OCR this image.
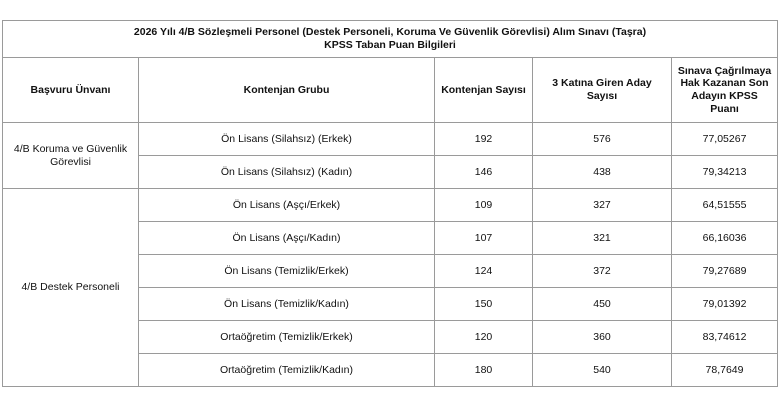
2026 Yılı 4/B Sözleşmeli Personel (Destek Personeli, Koruma Ve Güvenlik Görevlisi) Alım Sınavı (Taşra)
KPSS Taban Puan Bilgileri				

Başvuru Ünvanı	Kontenjan Grubu	Kontenjan Sayısı	3 Katına Giren Aday Sayısı	Sınava Çağrılmaya Hak Kazanan Son Adayın KPSS Puanı
4/B Koruma ve Güvenlik Görevlisi	Ön Lisans (Silahsız) (Erkek)	192	576	77,05267
	Ön Lisans (Silahsız) (Kadın)	146	438	79,34213
4/B Destek Personeli	Ön Lisans (Aşçı/Erkek)	109	327	64,51555
	Ön Lisans (Aşçı/Kadın)	107	321	66,16036
	Ön Lisans (Temizlik/Erkek)	124	372	79,27689
	Ön Lisans (Temizlik/Kadın)	150	450	79,01392
	Ortaöğretim (Temizlik/Erkek)	120	360	83,74612
	Ortaöğretim (Temizlik/Kadın)	180	540	78,7649
